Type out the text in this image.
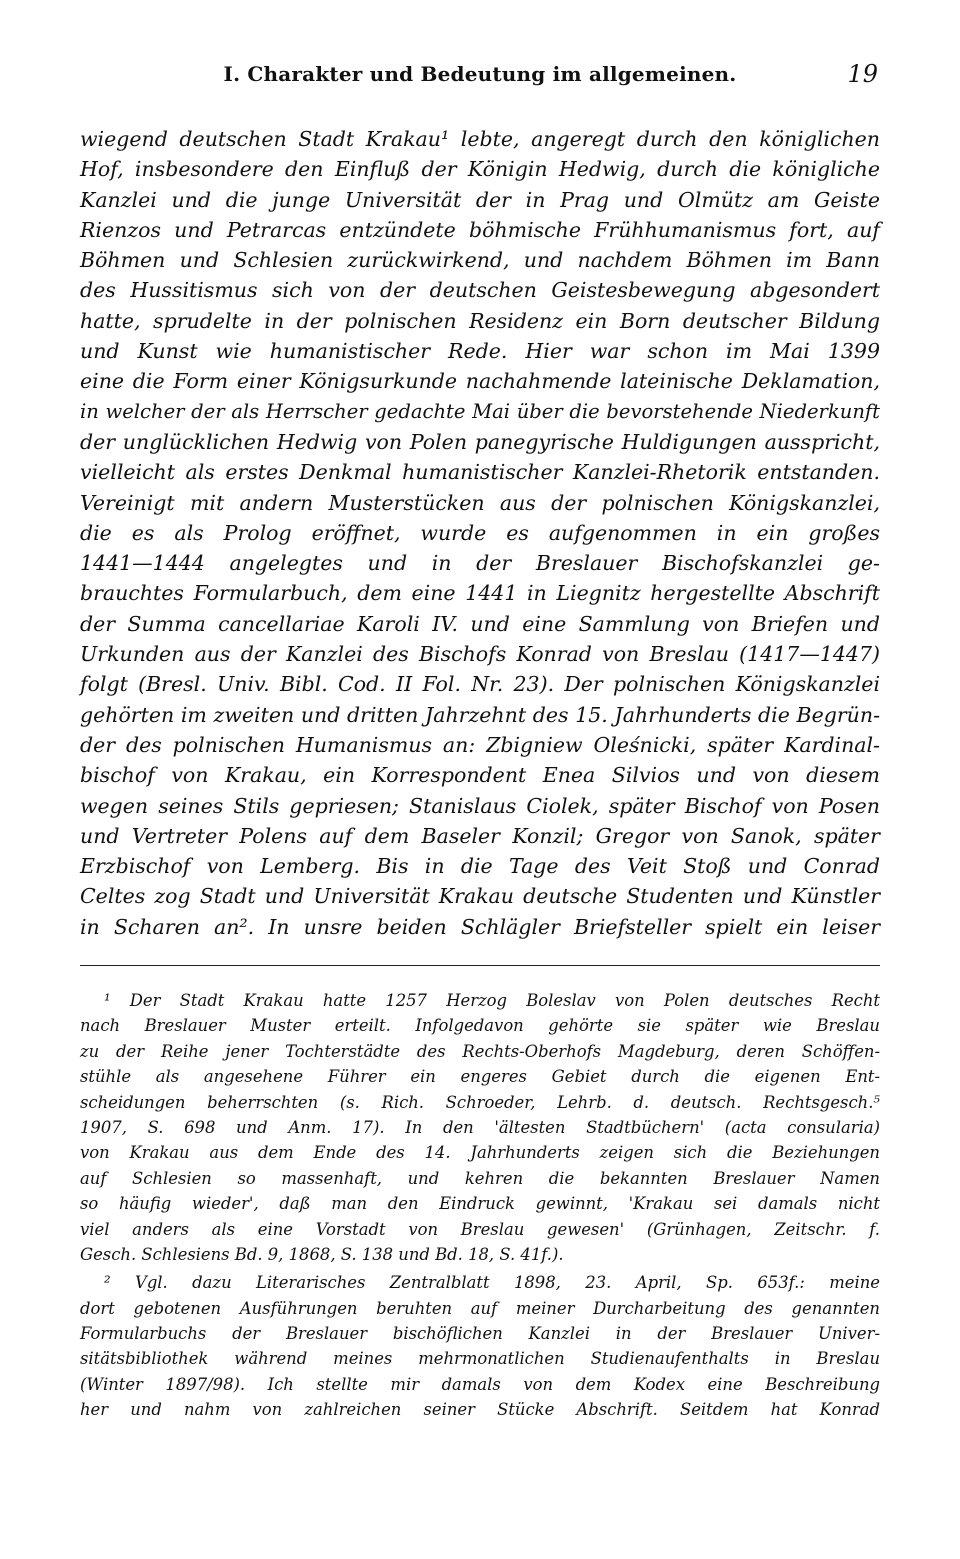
I. Charakter und Bedeutung im allgemeinen.	19
wiegend deutschen Stadt Krakau¹ lebte, angeregt durch den königlichen
Hof, insbesondere den Einfluß der Königin Hedwig, durch die königliche
Kanzlei und die junge Universität der in Prag und Olmütz am Geiste
Rienzos und Petrarcas entzündete böhmische Frühhumanismus fort, auf
Böhmen und Schlesien zurückwirkend, und nachdem Böhmen im Bann
des Hussitismus sich von der deutschen Geistesbewegung abgesondert
hatte, sprudelte in der polnischen Residenz ein Born deutscher Bildung
und Kunst wie humanistischer Rede. Hier war schon im Mai 1399
eine die Form einer Königsurkunde nachahmende lateinische Deklamation,
in welcher der als Herrscher gedachte Mai über die bevorstehende Niederkunft
der unglücklichen Hedwig von Polen panegyrische Huldigungen ausspricht,
vielleicht als erstes Denkmal humanistischer Kanzlei-Rhetorik entstanden.
Vereinigt mit andern Musterstücken aus der polnischen Königskanzlei,
die es als Prolog eröffnet, wurde es aufgenommen in ein großes
1441—1444 angelegtes und in der Breslauer Bischofskanzlei ge-
brauchtes Formularbuch, dem eine 1441 in Liegnitz hergestellte Abschrift
der Summa cancellariae Karoli IV. und eine Sammlung von Briefen und
Urkunden aus der Kanzlei des Bischofs Konrad von Breslau (1417—1447)
folgt (Bresl. Univ. Bibl. Cod. II Fol. Nr. 23). Der polnischen Königskanzlei
gehörten im zweiten und dritten Jahrzehnt des 15. Jahrhunderts die Begrün-
der des polnischen Humanismus an: Zbigniew Oleśnicki, später Kardinal-
bischof von Krakau, ein Korrespondent Enea Silvios und von diesem
wegen seines Stils gepriesen; Stanislaus Ciolek, später Bischof von Posen
und Vertreter Polens auf dem Baseler Konzil; Gregor von Sanok, später
Erzbischof von Lemberg. Bis in die Tage des Veit Stoß und Conrad
Celtes zog Stadt und Universität Krakau deutsche Studenten und Künstler
in Scharen an². In unsre beiden Schlägler Briefsteller spielt ein leiser
¹ Der Stadt Krakau hatte 1257 Herzog Boleslav von Polen deutsches Recht
nach Breslauer Muster erteilt. Infolgedavon gehörte sie später wie Breslau
zu der Reihe jener Tochterstädte des Rechts-Oberhofs Magdeburg, deren Schöffen-
stühle als angesehene Führer ein engeres Gebiet durch die eigenen Ent-
scheidungen beherrschten (s. Rich. Schroeder, Lehrb. d. deutsch. Rechtsgesch.⁵
1907, S. 698 und Anm. 17). In den 'ältesten Stadtbüchern' (acta consularia)
von Krakau aus dem Ende des 14. Jahrhunderts zeigen sich die Beziehungen
auf Schlesien so massenhaft, und kehren die bekannten Breslauer Namen
so häufig wieder', daß man den Eindruck gewinnt, 'Krakau sei damals nicht
viel anders als eine Vorstadt von Breslau gewesen' (Grünhagen, Zeitschr. f.
Gesch. Schlesiens Bd. 9, 1868, S. 138 und Bd. 18, S. 41f.).
² Vgl. dazu Literarisches Zentralblatt 1898, 23. April, Sp. 653f.: meine
dort gebotenen Ausführungen beruhten auf meiner Durcharbeitung des genannten
Formularbuchs der Breslauer bischöflichen Kanzlei in der Breslauer Univer-
sitätsbibliothek während meines mehrmonatlichen Studienaufenthalts in Breslau
(Winter 1897/98). Ich stellte mir damals von dem Kodex eine Beschreibung
her und nahm von zahlreichen seiner Stücke Abschrift. Seitdem hat Konrad
